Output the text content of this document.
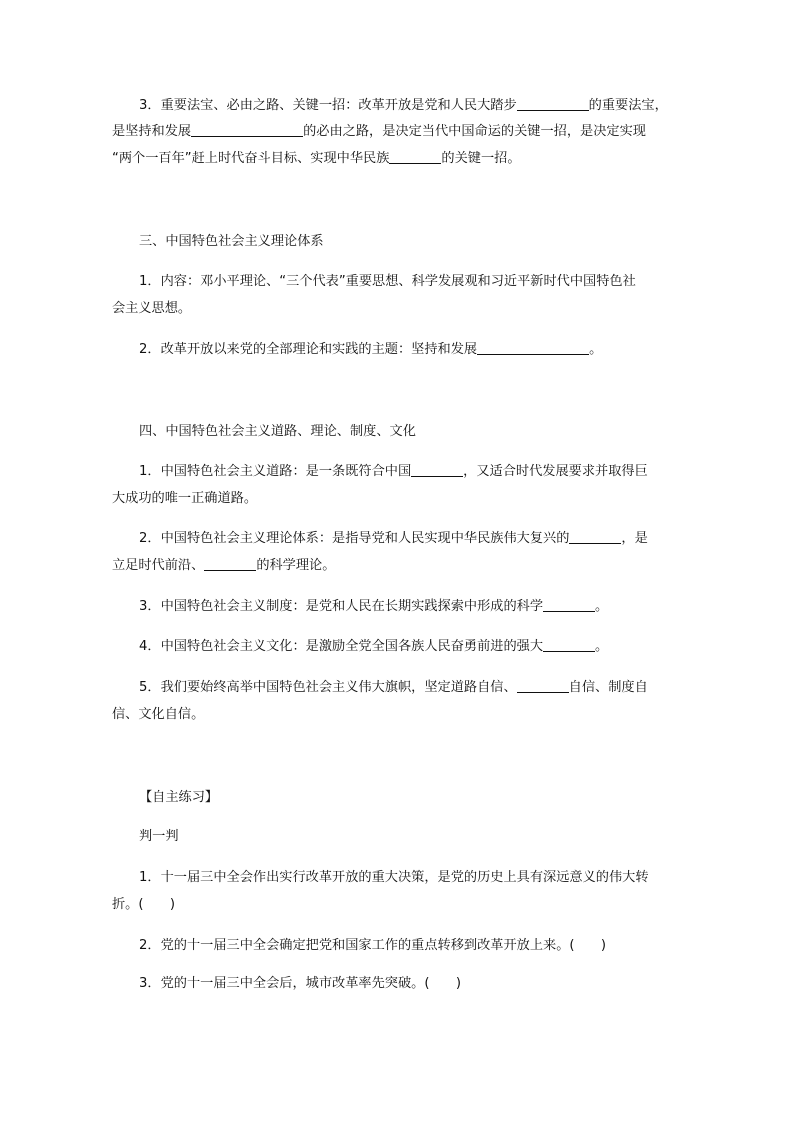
3．重要法宝、必由之路、关键一招：改革开放是党和人民大踏步	的重要法宝，
是坚持和发展	的必由之路，是决定当代中国命运的关键一招，是决定实现
“两个一百年”赶上时代奋斗目标、实现中华民族	的关键一招。
三、中国特色社会主义理论体系
1．内容：邓小平理论、“三个代表”重要思想、科学发展观和习近平新时代中国特色社
会主义思想。
2．改革开放以来党的全部理论和实践的主题：坚持和发展	。
四、中国特色社会主义道路、理论、制度、文化
1．中国特色社会主义道路：是一条既符合中国	，又适合时代发展要求并取得巨
大成功的唯一正确道路。
2．中国特色社会主义理论体系：是指导党和人民实现中华民族伟大复兴的	，是
立足时代前沿、	的科学理论。
3．中国特色社会主义制度：是党和人民在长期实践探索中形成的科学	。
4．中国特色社会主义文化：是激励全党全国各族人民奋勇前进的强大	。
5．我们要始终高举中国特色社会主义伟大旗帜，坚定道路自信、	自信、制度自
信、文化自信。
【自主练习】
判一判
1．十一届三中全会作出实行改革开放的重大决策，是党的历史上具有深远意义的伟大转
折。(　　)
2．党的十一届三中全会确定把党和国家工作的重点转移到改革开放上来。(　　)
3．党的十一届三中全会后，城市改革率先突破。(　　)
